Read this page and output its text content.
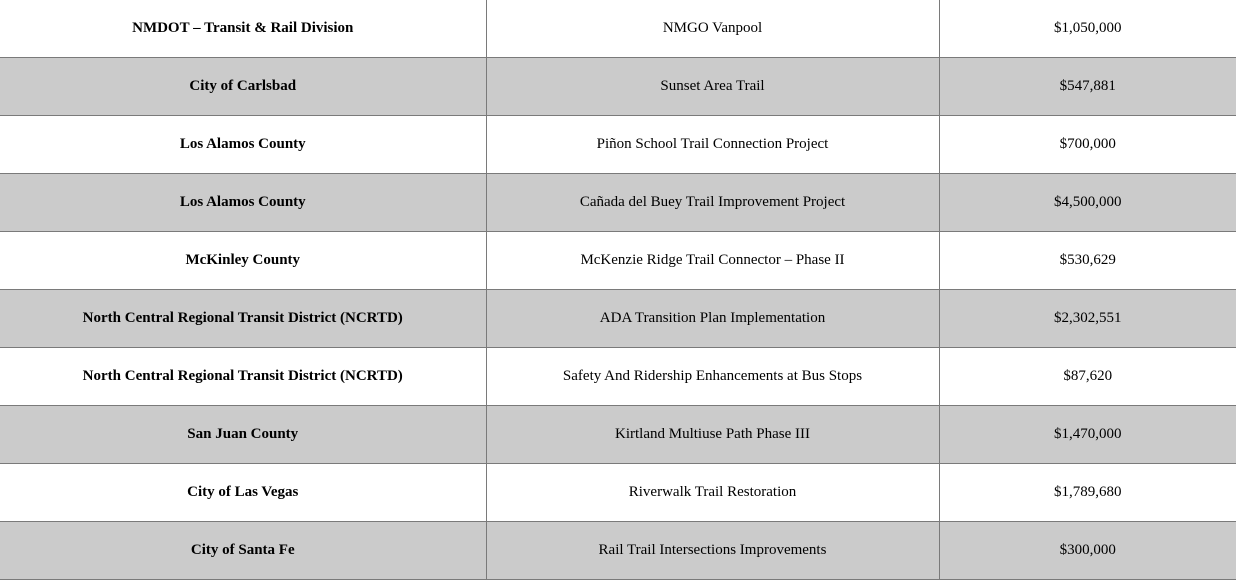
NMDOT – Transit & Rail Division	NMGO Vanpool	$1,050,000
City of Carlsbad	Sunset Area Trail	$547,881
Los Alamos County	Piñon School Trail Connection Project	$700,000
Los Alamos County	Cañada del Buey Trail Improvement Project	$4,500,000
McKinley County	McKenzie Ridge Trail Connector – Phase II	$530,629
North Central Regional Transit District (NCRTD)	ADA Transition Plan Implementation	$2,302,551
North Central Regional Transit District (NCRTD)	Safety And Ridership Enhancements at Bus Stops	$87,620
San Juan County	Kirtland Multiuse Path Phase III	$1,470,000
City of Las Vegas	Riverwalk Trail Restoration	$1,789,680
City of Santa Fe	Rail Trail Intersections Improvements	$300,000
